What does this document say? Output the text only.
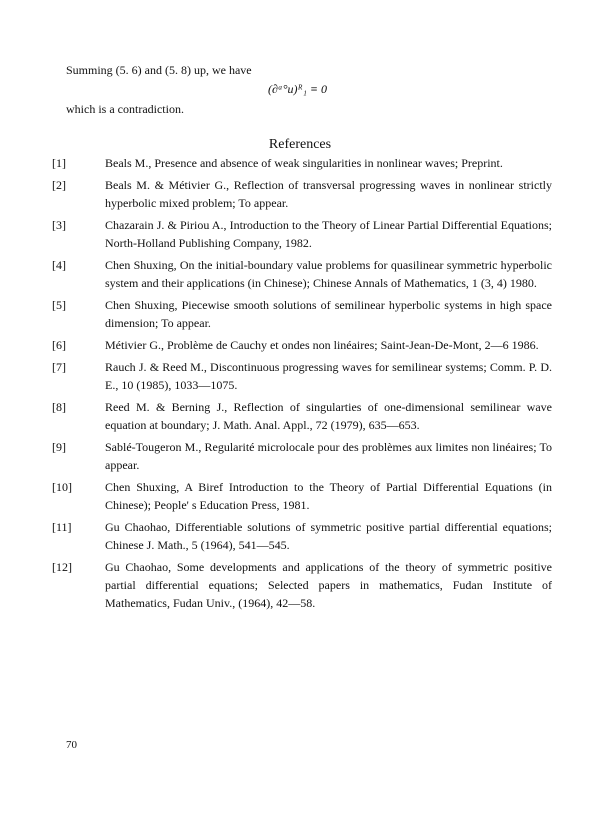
Summing (5. 6) and (5. 8) up, we have
(∂ᵃ°u)ᴿ₁ ≡ 0
which is a contradiction.
References
[1]	Beals M., Presence and absence of weak singularities in nonlinear waves; Preprint.
[2]	Beals M. & Métivier G., Reflection of transversal progressing waves in nonlinear strictly hyperbolic mixed problem; To appear.
[3]	Chazarain J. & Piriou A., Introduction to the Theory of Linear Partial Differential Equations; North-Holland Publishing Company, 1982.
[4]	Chen Shuxing, On the initial-boundary value problems for quasilinear symmetric hyperbolic system and their applications (in Chinese); Chinese Annals of Mathematics, 1 (3, 4) 1980.
[5]	Chen Shuxing, Piecewise smooth solutions of semilinear hyperbolic systems in high space dimension; To appear.
[6]	Métivier G., Problème de Cauchy et ondes non linéaires; Saint-Jean-De-Mont, 2—6 1986.
[7]	Rauch J. & Reed M., Discontinuous progressing waves for semilinear systems; Comm. P. D. E., 10 (1985), 1033—1075.
[8]	Reed M. & Berning J., Reflection of singularties of one-dimensional semilinear wave equation at boundary; J. Math. Anal. Appl., 72 (1979), 635—653.
[9]	Sablé-Tougeron M., Regularité microlocale pour des problèmes aux limites non linéaires; To appear.
[10]	Chen Shuxing, A Biref Introduction to the Theory of Partial Differential Equations (in Chinese); People' s Education Press, 1981.
[11]	Gu Chaohao, Differentiable solutions of symmetric positive partial differential equations; Chinese J. Math., 5 (1964), 541—545.
[12]	Gu Chaohao, Some developments and applications of the theory of symmetric positive partial differential equations; Selected papers in mathematics, Fudan Institute of Mathematics, Fudan Univ., (1964), 42—58.
70
